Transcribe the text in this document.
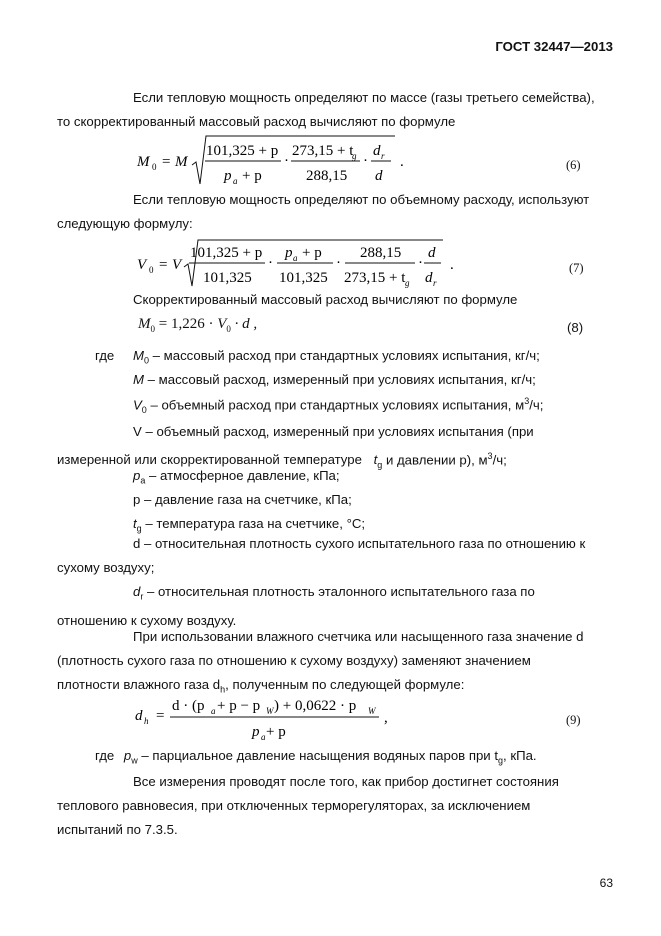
ГОСТ 32447—2013
Если тепловую мощность определяют по массе (газы третьего семейства),
то скорректированный массовый расход вычисляют по формуле
M 0 = M
101,325 + p
p a + p
·
273,15 + t
g
288,15
·
d r
d
.	(6)
Если тепловую мощность определяют по объемному расходу, используют
следующую формулу:
V 0 = V
101,325 + p
101,325
·
p a + p
101,325
·
288,15
273,15 + t g
·
d
d r
.	(7)
Скорректированный массовый расход вычисляют по формуле
$M_0 = 1,226 \cdot V_0 \cdot d$ ,	(8)
где $M_0$ – массовый расход при стандартных условиях испытания, кг/ч;
M – массовый расход, измеренный при условиях испытания, кг/ч;
$V_0$ – объемный расход при стандартных условиях испытания, $м^3/ч$;
V – объемный расход, измеренный при условиях испытания (при
измеренной или скорректированной температуре $t_g$ и давлении p), $м^3/ч$;
$p_a$ – атмосферное давление, кПа;
p – давление газа на счетчике, кПа;
$t_g$ – температура газа на счетчике, °С;
d – относительная плотность сухого испытательного газа по отношению к
сухому воздуху;
$d_r$ – относительная плотность эталонного испытательного газа по
отношению к сухому воздуху.
При использовании влажного счетчика или насыщенного газа значение d
(плотность сухого газа по отношению к сухому воздуху) заменяют значением
плотности влажного газа $d_h$, полученным по следующей формуле:
d h =
d · (p a + p − p W ) + 0,0622 · p W
p a + p
,	(9)
где $p_w$ – парциальное давление насыщения водяных паров при $t_g$, кПа.
Все измерения проводят после того, как прибор достигнет состояния
теплового равновесия, при отключенных терморегуляторах, за исключением
испытаний по 7.3.5.
63
